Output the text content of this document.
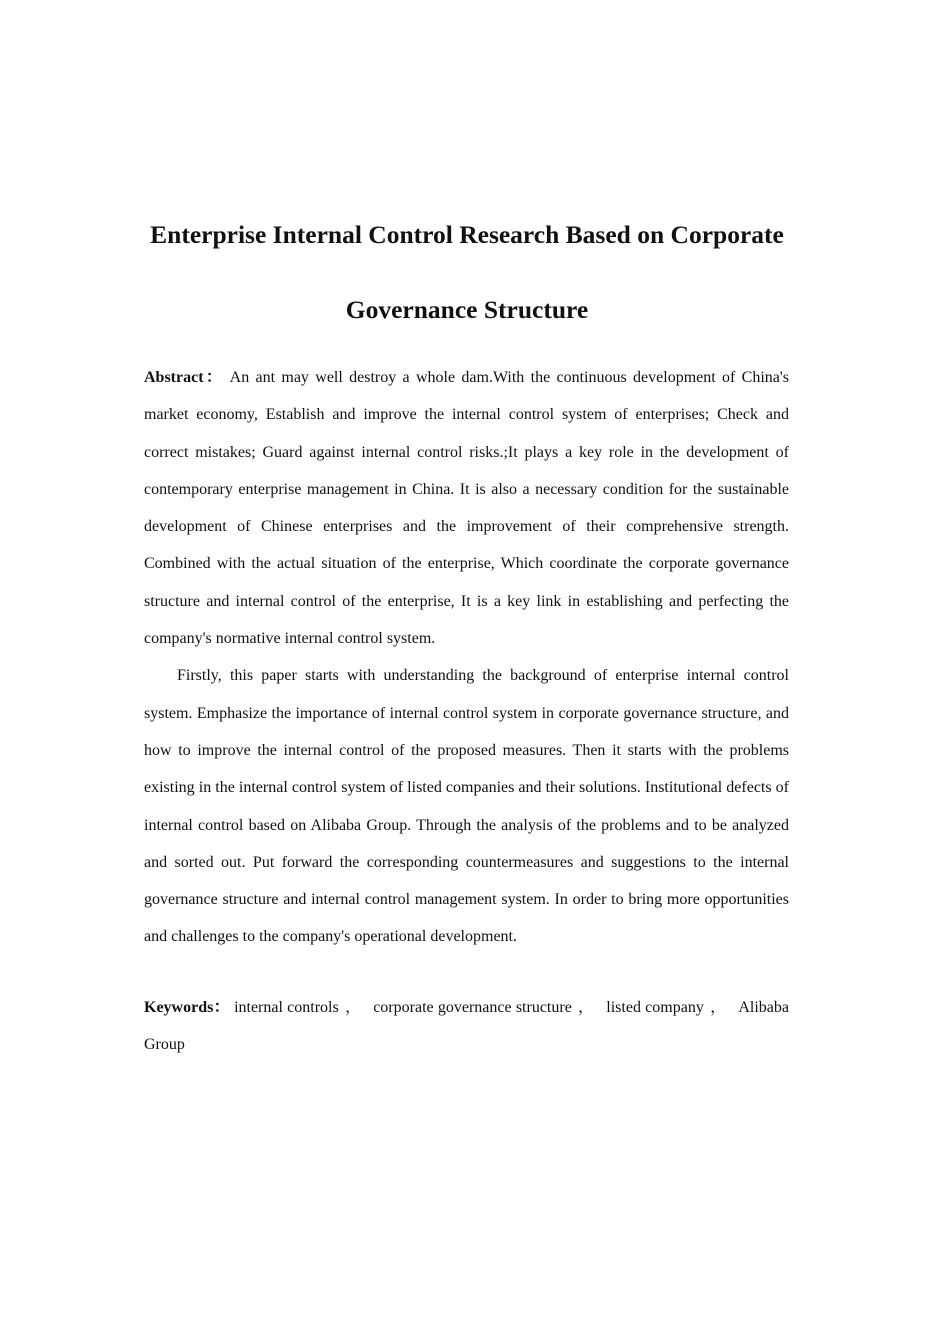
Enterprise Internal Control Research Based on Corporate
Governance Structure

Abstract： An ant may well destroy a whole dam.With the continuous development of China's market economy, Establish and improve the internal control system of enterprises; Check and correct mistakes; Guard against internal control risks.;It plays a key role in the development of contemporary enterprise management in China. It is also a necessary condition for the sustainable development of Chinese enterprises and the improvement of their comprehensive strength. Combined with the actual situation of the enterprise, Which coordinate the corporate governance structure and internal control of the enterprise, It is a key link in establishing and perfecting the company's normative internal control system.

Firstly, this paper starts with understanding the background of enterprise internal control system. Emphasize the importance of internal control system in corporate governance structure, and how to improve the internal control of the proposed measures. Then it starts with the problems existing in the internal control system of listed companies and their solutions. Institutional defects of internal control based on Alibaba Group. Through the analysis of the problems and to be analyzed and sorted out. Put forward the corresponding countermeasures and suggestions to the internal governance structure and internal control management system. In order to bring more opportunities and challenges to the company's operational development.

Keywords： internal controls ， corporate governance structure ， listed company ， Alibaba Group
